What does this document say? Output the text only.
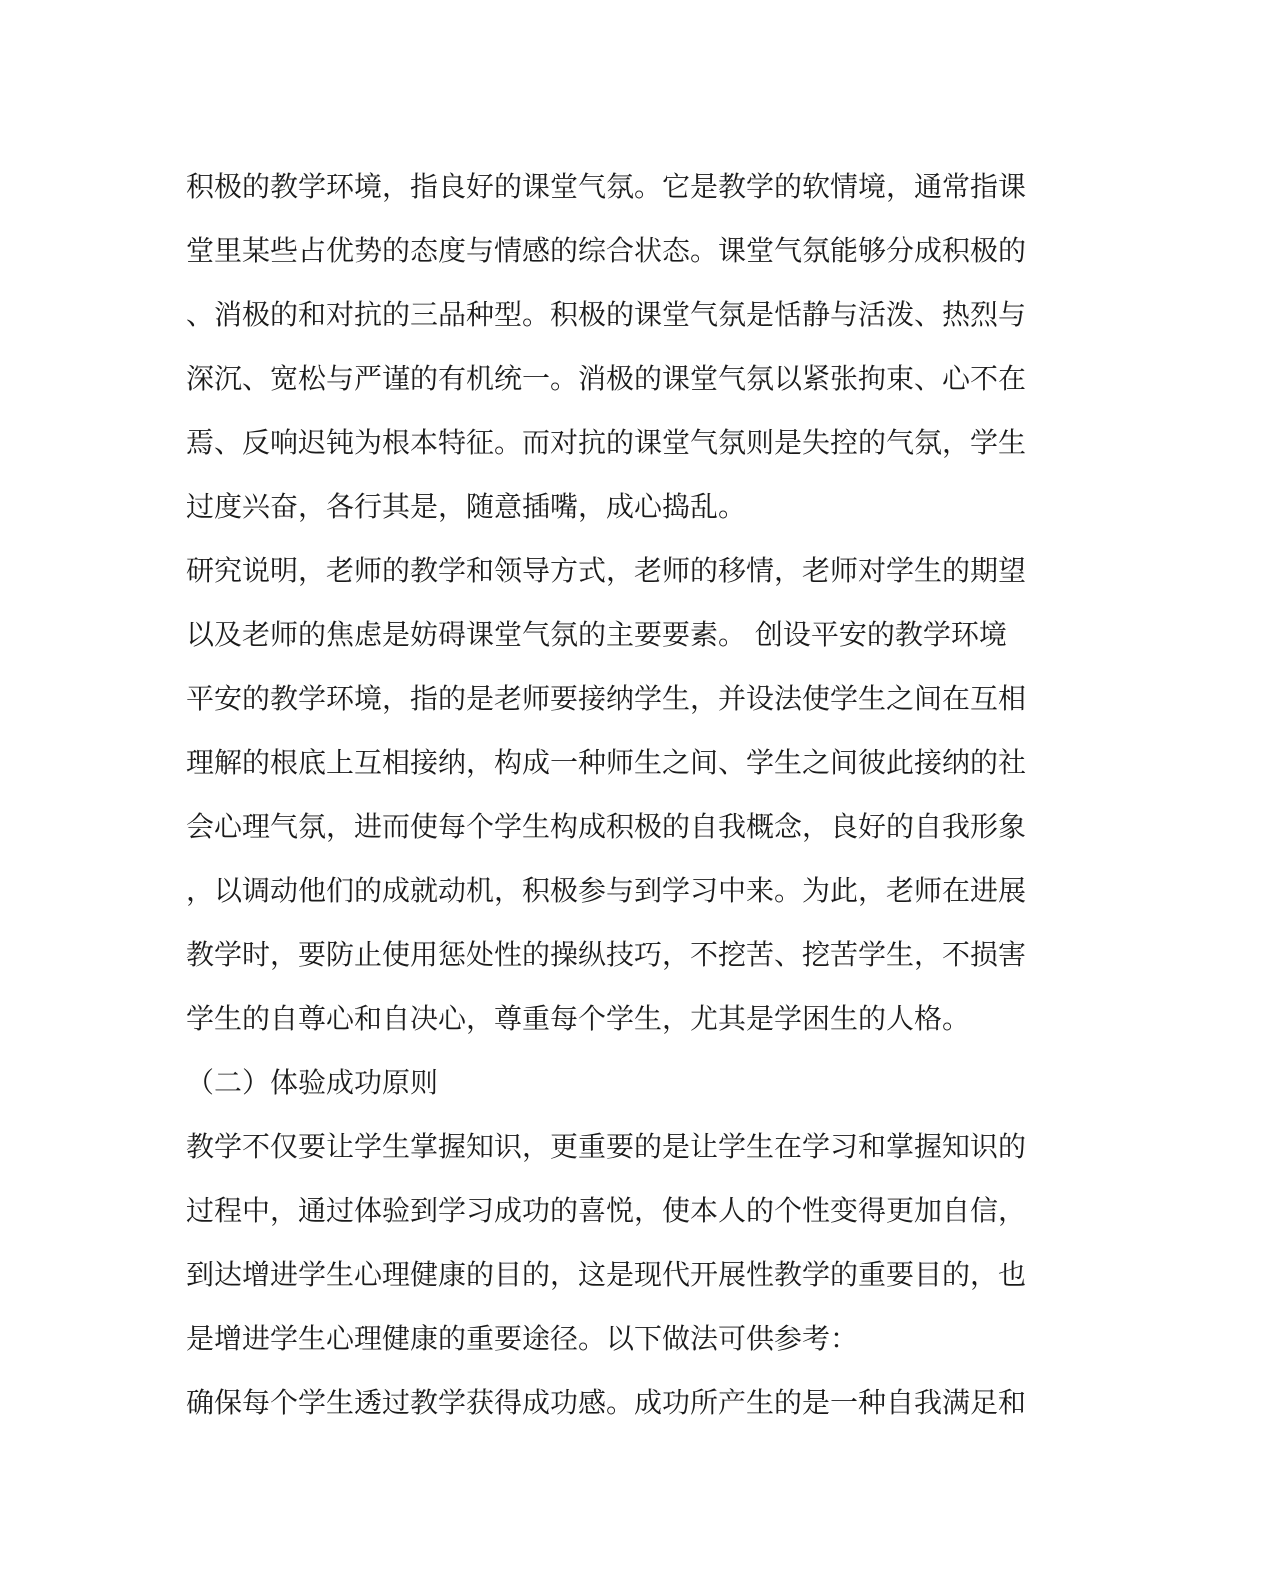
积极的教学环境，指良好的课堂气氛。它是教学的软情境，通常指课
堂里某些占优势的态度与情感的综合状态。课堂气氛能够分成积极的
、消极的和对抗的三品种型。积极的课堂气氛是恬静与活泼、热烈与
深沉、宽松与严谨的有机统一。消极的课堂气氛以紧张拘束、心不在
焉、反响迟钝为根本特征。而对抗的课堂气氛则是失控的气氛，学生
过度兴奋，各行其是，随意插嘴，成心捣乱。
研究说明，老师的教学和领导方式，老师的移情，老师对学生的期望
以及老师的焦虑是妨碍课堂气氛的主要要素。 创设平安的教学环境
平安的教学环境，指的是老师要接纳学生，并设法使学生之间在互相
理解的根底上互相接纳，构成一种师生之间、学生之间彼此接纳的社
会心理气氛，进而使每个学生构成积极的自我概念，良好的自我形象
，以调动他们的成就动机，积极参与到学习中来。为此，老师在进展
教学时，要防止使用惩处性的操纵技巧，不挖苦、挖苦学生，不损害
学生的自尊心和自决心，尊重每个学生，尤其是学困生的人格。
（二）体验成功原则
教学不仅要让学生掌握知识，更重要的是让学生在学习和掌握知识的
过程中，通过体验到学习成功的喜悦，使本人的个性变得更加自信，
到达增进学生心理健康的目的，这是现代开展性教学的重要目的，也
是增进学生心理健康的重要途径。以下做法可供参考：
确保每个学生透过教学获得成功感。成功所产生的是一种自我满足和
